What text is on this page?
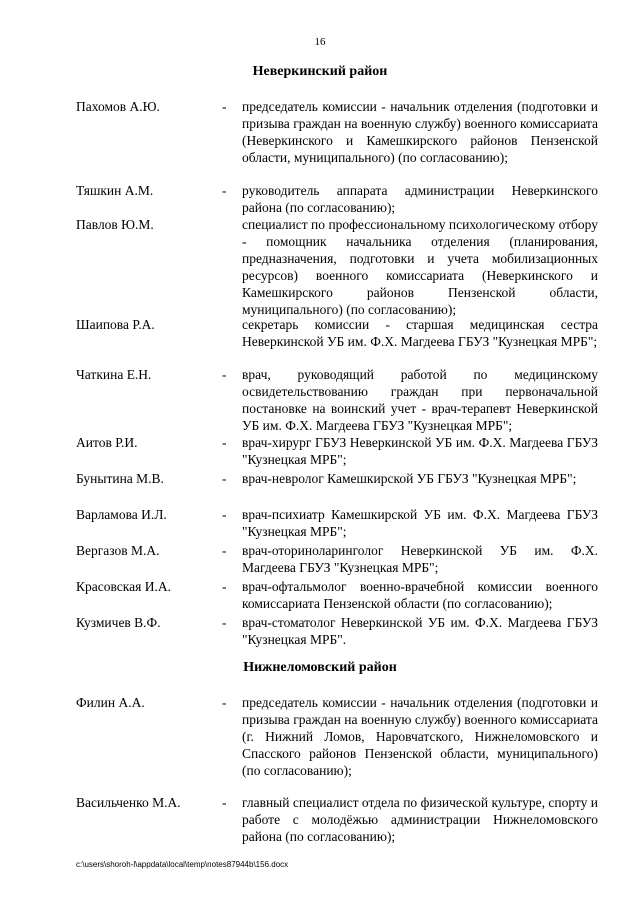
16
Неверкинский район
Пахомов А.Ю.	- председатель комиссии - начальник отделения (подготовки и призыва граждан на военную службу) военного комиссариата (Неверкинского и Камешкирского районов Пензенской области, муниципального) (по согласованию);
Тяшкин А.М.	- руководитель аппарата администрации Неверкинского района (по согласованию);
Павлов Ю.М.	специалист по профессиональному психологическому отбору - помощник начальника отделения (планирования, предназначения, подготовки и учета мобилизационных ресурсов) военного комиссариата (Неверкинского и Камешкирского районов Пензенской области, муниципального) (по согласованию);
Шаипова Р.А.	секретарь комиссии - старшая медицинская сестра Неверкинской УБ им. Ф.Х. Магдеева ГБУЗ "Кузнецкая МРБ";
Чаткина Е.Н.	- врач, руководящий работой по медицинскому освидетельствованию граждан при первоначальной постановке на воинский учет - врач-терапевт Неверкинской УБ им. Ф.Х. Магдеева ГБУЗ "Кузнецкая МРБ";
Аитов Р.И.	- врач-хирург ГБУЗ Неверкинской УБ им. Ф.Х. Магдеева ГБУЗ "Кузнецкая МРБ";
Бунытина М.В.	- врач-невролог Камешкирской УБ ГБУЗ "Кузнецкая МРБ";
Варламова И.Л.	- врач-психиатр Камешкирской УБ им. Ф.Х. Магдеева ГБУЗ "Кузнецкая МРБ";
Вергазов М.А.	- врач-оториноларинголог Неверкинской УБ им. Ф.Х. Магдеева ГБУЗ "Кузнецкая МРБ";
Красовская И.А.	- врач-офтальмолог военно-врачебной комиссии военного комиссариата Пензенской области (по согласованию);
Кузмичев В.Ф.	- врач-стоматолог Неверкинской УБ им. Ф.Х. Магдеева ГБУЗ "Кузнецкая МРБ".
Нижнеломовский район
Филин А.А.	- председатель комиссии - начальник отделения (подготовки и призыва граждан на военную службу) военного комиссариата (г. Нижний Ломов, Наровчатского, Нижнеломовского и Спасского районов Пензенской области, муниципального) (по согласованию);
Васильченко М.А.	- главный специалист отдела по физической культуре, спорту и работе с молодёжью администрации Нижнеломовского района (по согласованию);
c:\users\shoroh-l\appdata\local\temp\notes87944b\156.docx
